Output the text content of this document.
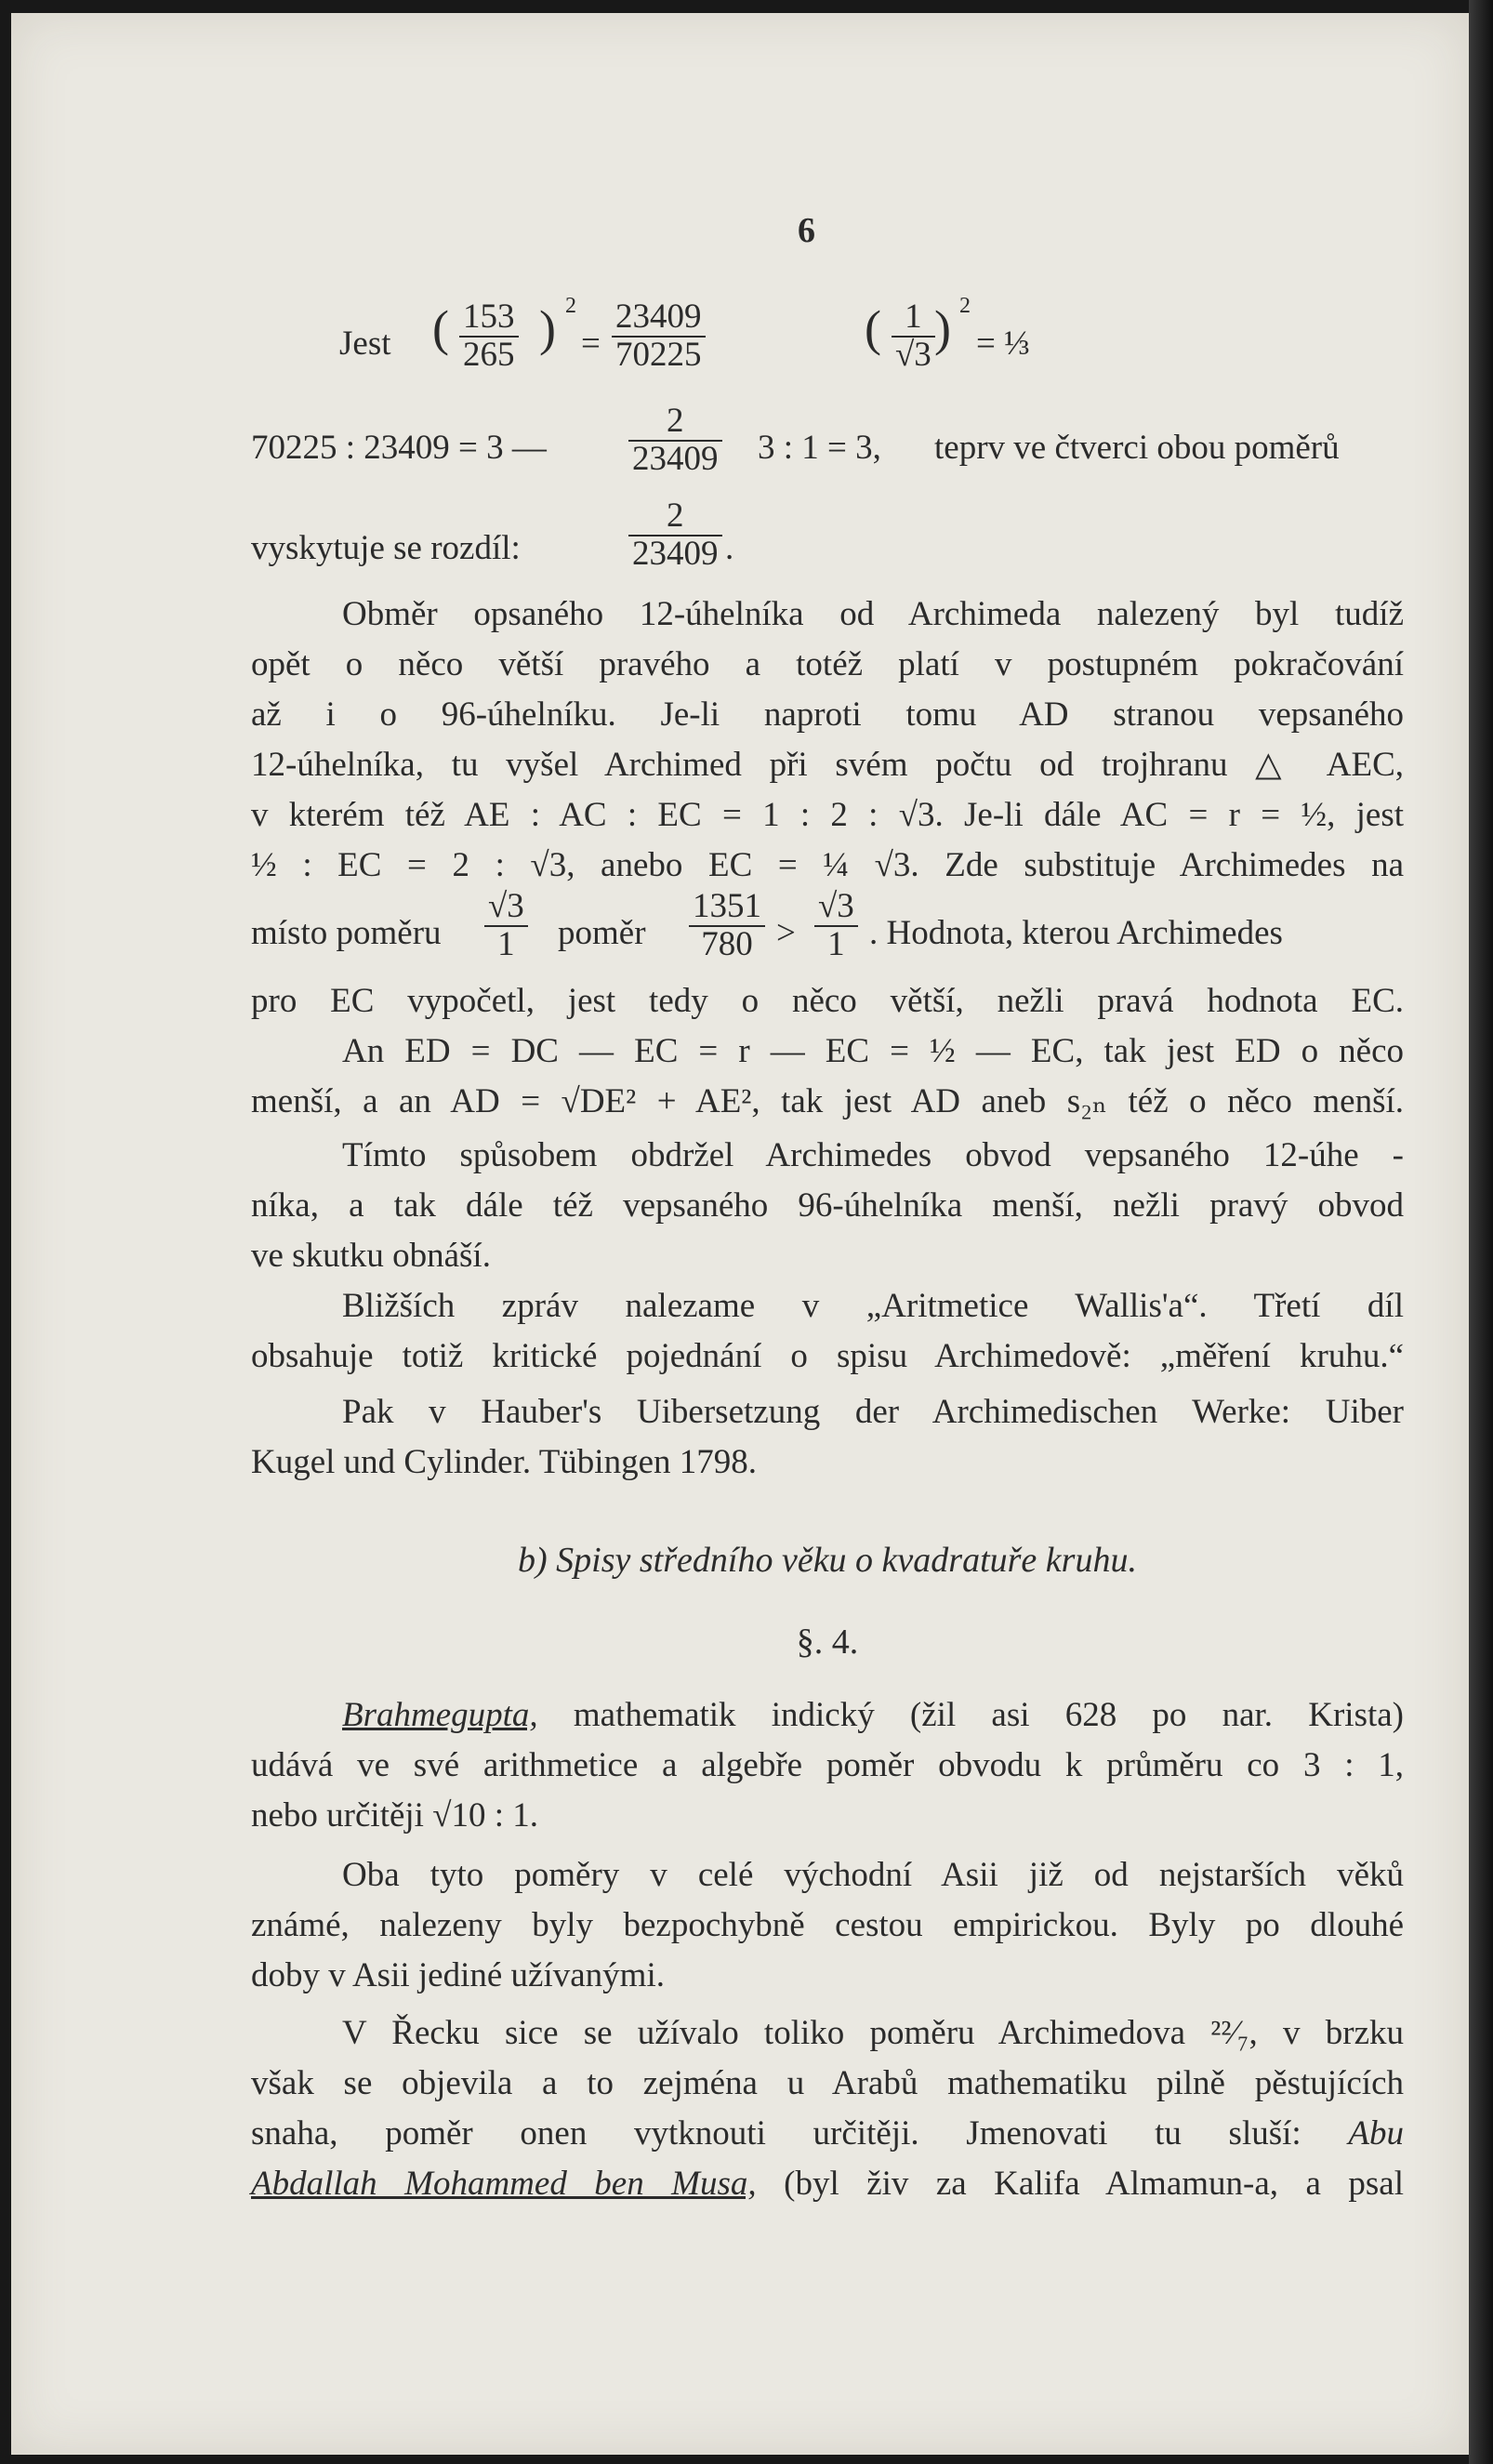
6
Jest ( $\frac{153}{265}$ ) 2
= $\frac{23409}{70225}$	( $\frac{1}{√3}$ ) 2
= ⅓
70225 : 23409 = 3 — $\frac{2}{23409} 3$ : 1 = 3, teprv ve čtverci obou poměrů
vyskytuje se rozdíl:	$\frac{2}{23409}$ .

Obměr opsaného 12-úhelníka od Archimeda nalezený byl tudíž

opět o něco větší pravého a totéž platí v postupném pokračování

až i o 96-úhelníku. Je-li naproti tomu AD stranou vepsaného

12-úhelníka, tu vyšel Archimed při svém počtu od trojhranu △ AEC,

v kterém též AE : AC : EC = 1 : 2 : √3. Je-li dále AC = r = ½, jest

½ : EC = 2 : √3, anebo EC = ¼ √3. Zde substituje Archimedes na

místo poměru $\frac{√3}{1}$ poměr $\frac{1351}{780} > \frac{√3}{1}$ . Hodnota, kterou Archimedes

pro EC vypočetl, jest tedy o něco větší, nežli pravá hodnota EC.

An ED = DC — EC = r — EC = ½ — EC, tak jest ED o něco

menší, a an AD = √DE² + AE², tak jest AD aneb s₂ₙ též o něco menší.

Tímto spůsobem obdržel Archimedes obvod vepsaného 12-úhe -

níka, a tak dále též vepsaného 96-úhelníka menší, nežli pravý obvod

ve skutku obnáší.

Bližších zpráv nalezame v „Aritmetice Wallis'a“. Třetí díl

obsahuje totiž kritické pojednání o spisu Archimedově: „měření kruhu.“

Pak v Hauber's Uibersetzung der Archimedischen Werke: Uiber

Kugel und Cylinder. Tübingen 1798.

b) Spisy středního věku o kvadratuře kruhu.
§. 4.

Brahmegupta, mathematik indický (žil asi 628 po nar. Krista)

udává ve své arithmetice a algebře poměr obvodu k průměru co 3 : 1,

nebo určitěji √10 : 1.

Oba tyto poměry v celé východní Asii již od nejstarších věků

známé, nalezeny byly bezpochybně cestou empirickou. Byly po dlouhé

doby v Asii jediné užívanými.

V Řecku sice se užívalo toliko poměru Archimedova ²²⁄₇, v brzku

však se objevila a to zejména u Arabů mathematiku pilně pěstujících

snaha, poměr onen vytknouti určitěji. Jmenovati tu sluší: Abu

Abdallah Mohammed ben Musa, (byl živ za Kalifa Almamun-a, a psal
